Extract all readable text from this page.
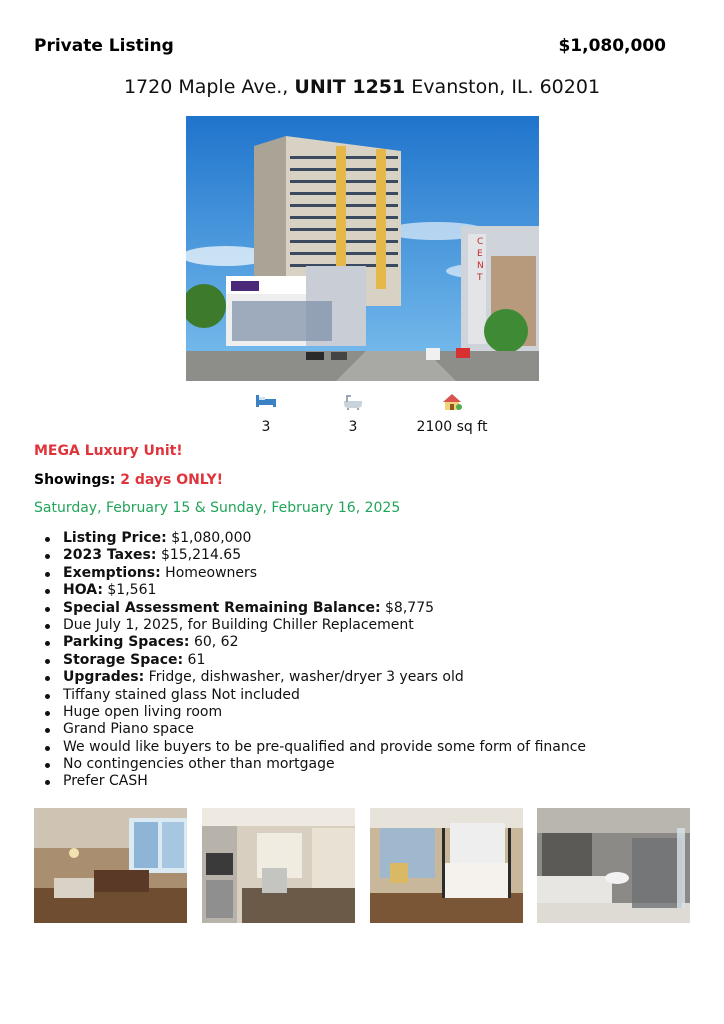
Private Listing	$1,080,000
1720 Maple Ave., UNIT 1251 Evanston, IL. 60201
C
E
N
T
3	3	2100 sq ft
MEGA Luxury Unit!
Showings: 2 days ONLY!
Saturday, February 15 & Sunday, February 16, 2025
Listing Price: $1,080,000
2023 Taxes: $15,214.65
Exemptions: Homeowners
HOA: $1,561
Special Assessment Remaining Balance: $8,775
Due July 1, 2025, for Building Chiller Replacement
Parking Spaces: 60, 62
Storage Space: 61
Upgrades: Fridge, dishwasher, washer/dryer 3 years old
Tiffany stained glass Not included
Huge open living room
Grand Piano space
We would like buyers to be pre-qualified and provide some form of finance
No contingencies other than mortgage
Prefer CASH
